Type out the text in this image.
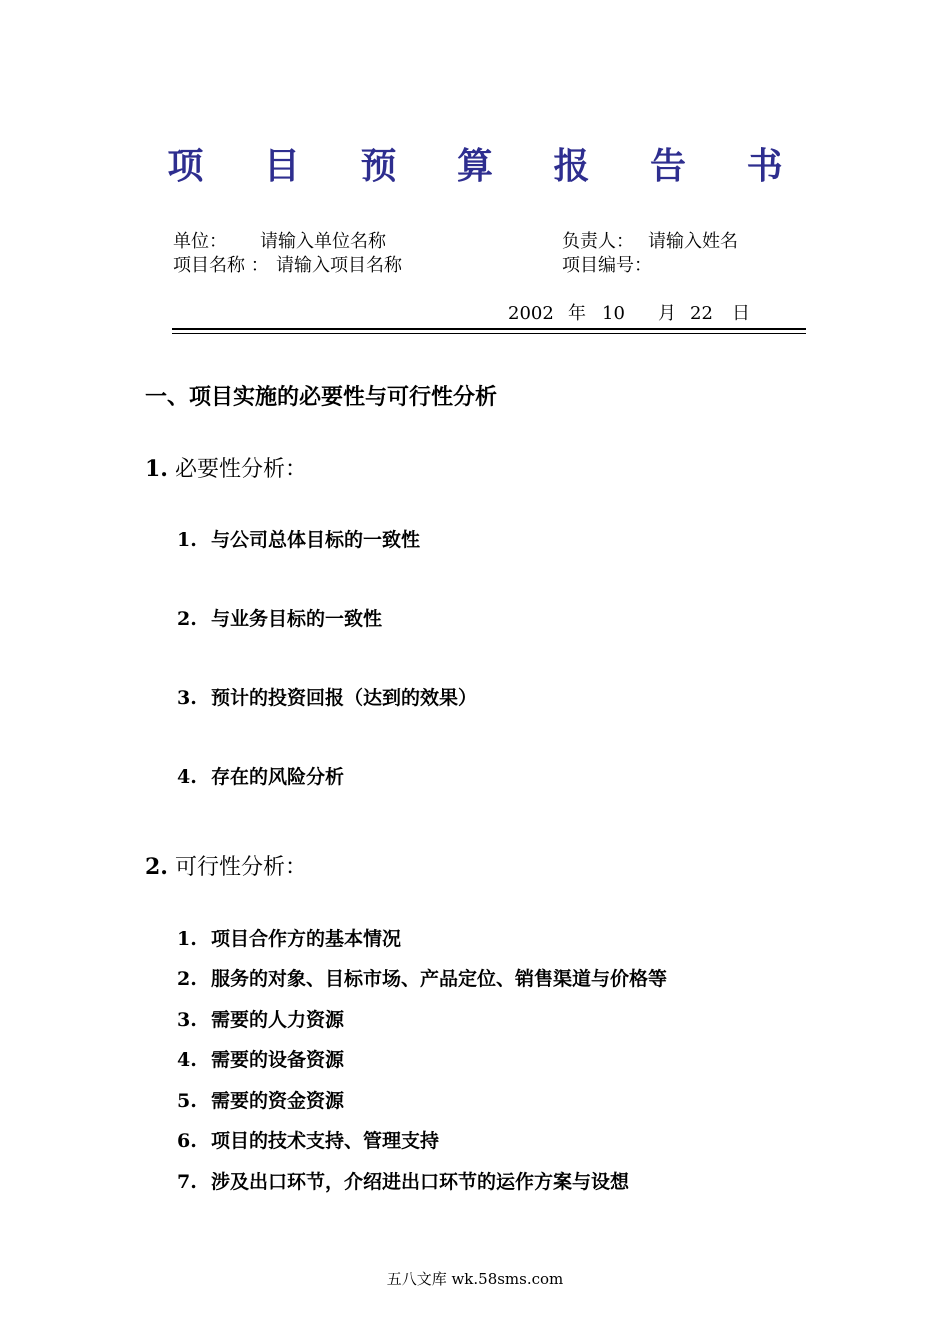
项 目 预 算 报 告 书
单位： 请输入单位名称	负责人： 请输入姓名
项目名称 ： 请输入项目名称	项目编号：
2002 年 10 月 22 日
一、项目实施的必要性与可行性分析
1. 必要性分析：
1. 与公司总体目标的一致性
2. 与业务目标的一致性
3. 预计的投资回报（达到的效果）
4. 存在的风险分析
2. 可行性分析：
1. 项目合作方的基本情况
2. 服务的对象、目标市场、产品定位、销售渠道与价格等
3. 需要的人力资源
4. 需要的设备资源
5. 需要的资金资源
6. 项目的技术支持、管理支持
7. 涉及出口环节，介绍进出口环节的运作方案与设想
五八文库 wk.58sms.com
